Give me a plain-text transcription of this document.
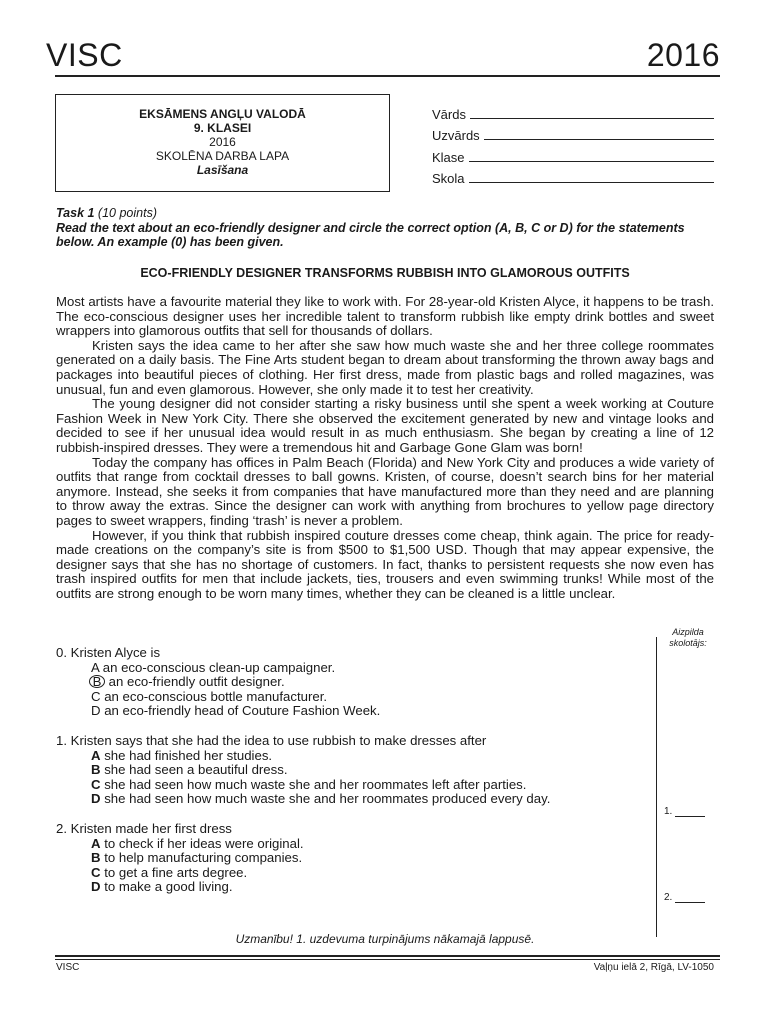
VISC	2016
EKSĀMENS ANGĻU VALODĀ
9. KLASEI
2016
SKOLĒNA DARBA LAPA
Lasīšana
Vārds
Uzvārds
Klase
Skola
Task 1 (10 points)
Read the text about an eco-friendly designer and circle the correct option (A, B, C or D) for the statements below. An example (0) has been given.
ECO-FRIENDLY DESIGNER TRANSFORMS RUBBISH INTO GLAMOROUS OUTFITS

Most artists have a favourite material they like to work with. For 28-year-old Kristen Alyce, it happens to be trash. The eco-conscious designer uses her incredible talent to transform rubbish like empty drink bottles and sweet wrappers into glamorous outfits that sell for thousands of dollars.

Kristen says the idea came to her after she saw how much waste she and her three college roommates generated on a daily basis. The Fine Arts student began to dream about transforming the thrown away bags and packages into beautiful pieces of clothing. Her first dress, made from plastic bags and rolled magazines, was unusual, fun and even glamorous. However, she only made it to test her creativity.

The young designer did not consider starting a risky business until she spent a week working at Couture Fashion Week in New York City. There she observed the excitement generated by new and vintage looks and decided to see if her unusual idea would result in as much enthusiasm. She began by creating a line of 12 rubbish-inspired dresses. They were a tremendous hit and Garbage Gone Glam was born!

Today the company has offices in Palm Beach (Florida) and New York City and produces a wide variety of outfits that range from cocktail dresses to ball gowns. Kristen, of course, doesn’t search bins for her material anymore. Instead, she seeks it from companies that have manufactured more than they need and are planning to throw away the extras. Since the designer can work with anything from brochures to yellow page directory pages to sweet wrappers, finding ‘trash’ is never a problem.

However, if you think that rubbish inspired couture dresses come cheap, think again. The price for ready-made creations on the company’s site is from $500 to $1,500 USD. Though that may appear expensive, the designer says that she has no shortage of customers. In fact, thanks to persistent requests she now even has trash inspired outfits for men that include jackets, ties, trousers and even swimming trunks! While most of the outfits are strong enough to be worn many times, whether they can be cleaned is a little unclear.

Aizpilda skolotājs:
1.
2.
0. Kristen Alyce is
A an eco-conscious clean-up campaigner.
B an eco-friendly outfit designer.
C an eco-conscious bottle manufacturer.
D an eco-friendly head of Couture Fashion Week.
1. Kristen says that she had the idea to use rubbish to make dresses after
A she had finished her studies.
B she had seen a beautiful dress.
C she had seen how much waste she and her roommates left after parties.
D she had seen how much waste she and her roommates produced every day.
2. Kristen made her first dress
A to check if her ideas were original.
B to help manufacturing companies.
C to get a fine arts degree.
D to make a good living.
Uzmanību! 1. uzdevuma turpinājums nākamajā lappusē.
VISC	Vaļņu ielā 2, Rīgā, LV-1050
